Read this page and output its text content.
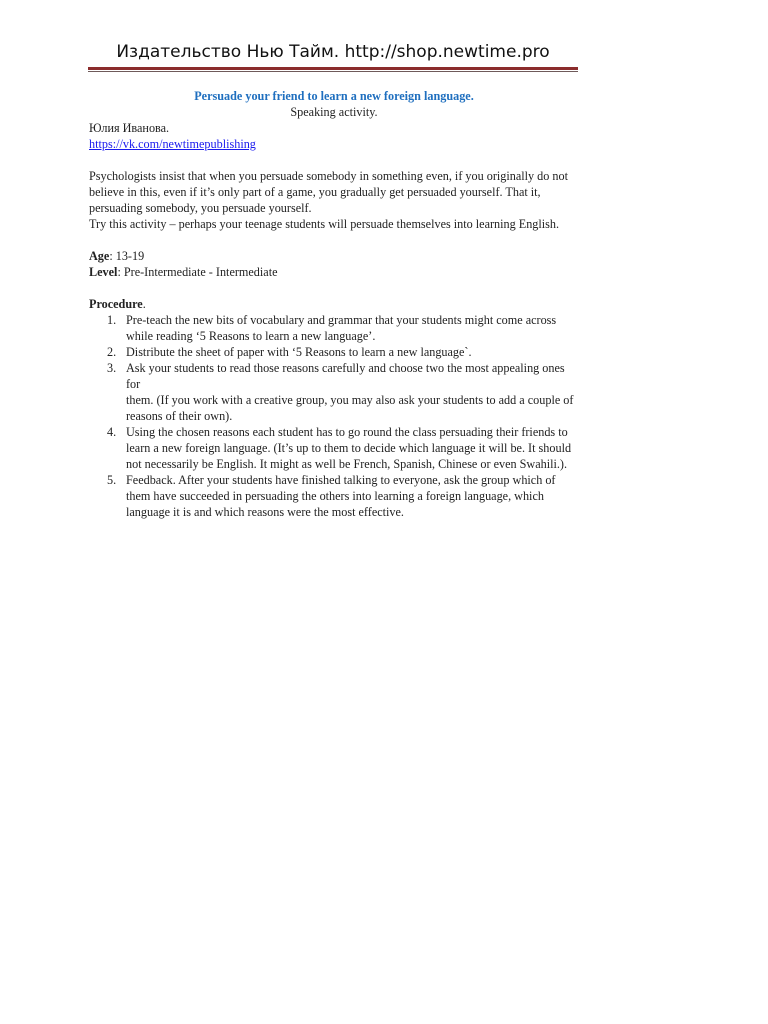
Издательство Нью Тайм. http://shop.newtime.pro

Persuade your friend to learn a new foreign language.

Speaking activity.

Юлия Иванова.

https://vk.com/newtimepublishing

Psychologists insist that when you persuade somebody in something even, if you originally do not

believe in this, even if it’s only part of a game, you gradually get persuaded yourself. That it,

persuading somebody, you persuade yourself.

Try this activity – perhaps your teenage students will persuade themselves into learning English.

Age: 13-19

Level: Pre-Intermediate - Intermediate

Procedure.

1. Pre-teach the new bits of vocabulary and grammar that your students might come across
while reading ‘5 Reasons to learn a new language’.
2. Distribute the sheet of paper with ‘5 Reasons to learn a new language`.
3. Ask your students to read those reasons carefully and choose two the most appealing ones for
them. (If you work with a creative group, you may also ask your students to add a couple of
reasons of their own).
4. Using the chosen reasons each student has to go round the class persuading their friends to
learn a new foreign language. (It’s up to them to decide which language it will be. It should
not necessarily be English. It might as well be French, Spanish, Chinese or even Swahili.).
5. Feedback. After your students have finished talking to everyone, ask the group which of
them have succeeded in persuading the others into learning a foreign language, which
language it is and which reasons were the most effective.
